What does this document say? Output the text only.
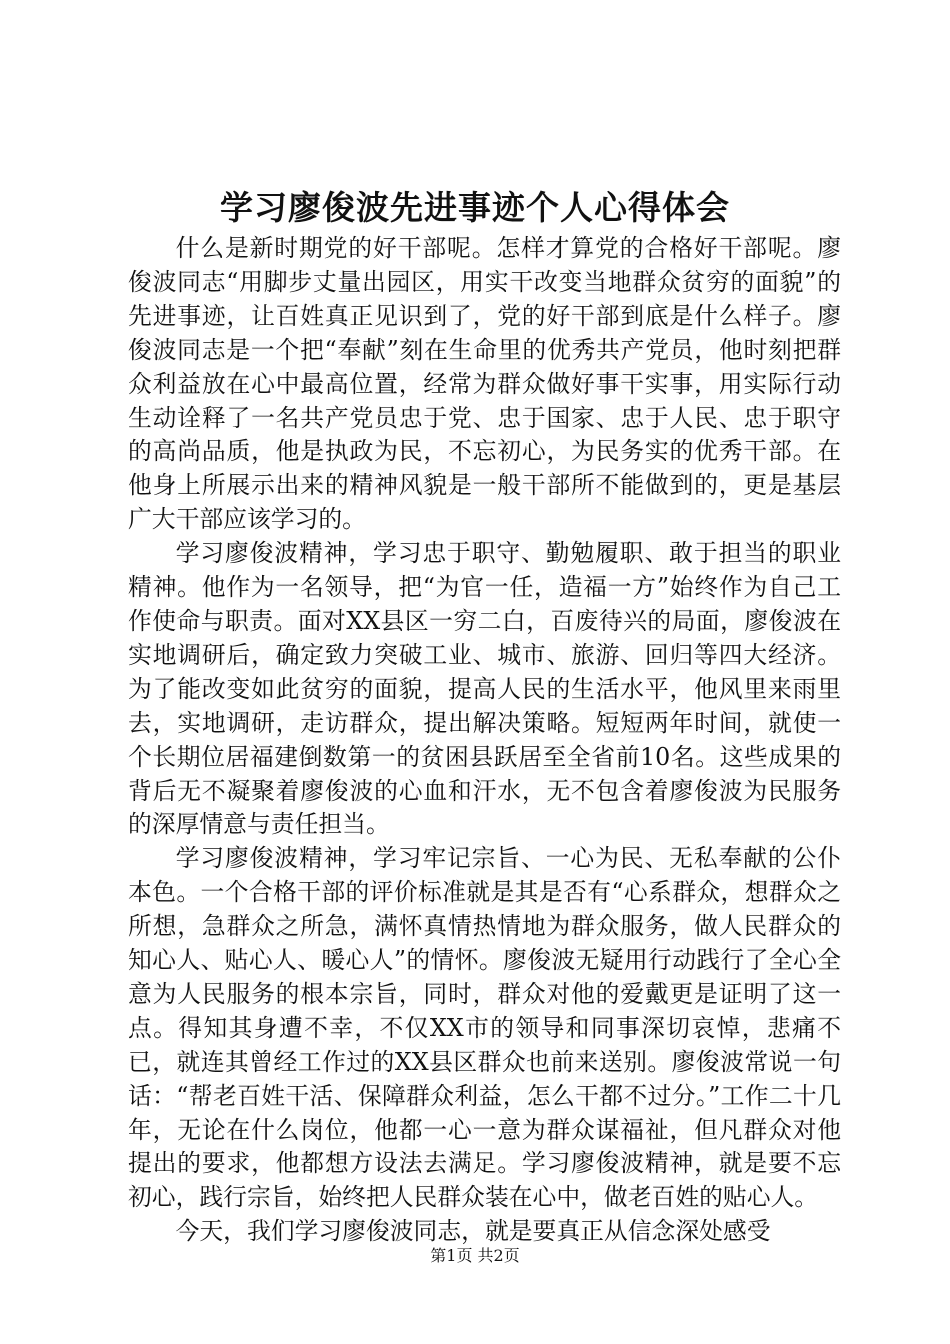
学习廖俊波先进事迹个人心得体会

什么是新时期党的好干部呢。怎样才算党的合格好干部呢。廖俊波同志“用脚步丈量出园区，用实干改变当地群众贫穷的面貌”的先进事迹，让百姓真正见识到了，党的好干部到底是什么样子。廖俊波同志是一个把“奉献”刻在生命里的优秀共产党员，他时刻把群众利益放在心中最高位置，经常为群众做好事干实事，用实际行动生动诠释了一名共产党员忠于党、忠于国家、忠于人民、忠于职守的高尚品质，他是执政为民，不忘初心，为民务实的优秀干部。在他身上所展示出来的精神风貌是一般干部所不能做到的，更是基层广大干部应该学习的。

学习廖俊波精神，学习忠于职守、勤勉履职、敢于担当的职业精神。他作为一名领导，把“为官一任，造福一方”始终作为自己工作使命与职责。面对XX县区一穷二白，百废待兴的局面，廖俊波在实地调研后，确定致力突破工业、城市、旅游、回归等四大经济。为了能改变如此贫穷的面貌，提高人民的生活水平，他风里来雨里去，实地调研，走访群众，提出解决策略。短短两年时间，就使一个长期位居福建倒数第一的贫困县跃居至全省前10名。这些成果的背后无不凝聚着廖俊波的心血和汗水，无不包含着廖俊波为民服务的深厚情意与责任担当。

学习廖俊波精神，学习牢记宗旨、一心为民、无私奉献的公仆本色。一个合格干部的评价标准就是其是否有“心系群众，想群众之所想，急群众之所急，满怀真情热情地为群众服务，做人民群众的知心人、贴心人、暖心人”的情怀。廖俊波无疑用行动践行了全心全意为人民服务的根本宗旨，同时，群众对他的爱戴更是证明了这一点。得知其身遭不幸，不仅XX市的领导和同事深切哀悼，悲痛不已，就连其曾经工作过的XX县区群众也前来送别。廖俊波常说一句话：“帮老百姓干活、保障群众利益，怎么干都不过分。”工作二十几年，无论在什么岗位，他都一心一意为群众谋福祉，但凡群众对他提出的要求，他都想方设法去满足。学习廖俊波精神，就是要不忘初心，践行宗旨，始终把人民群众装在心中，做老百姓的贴心人。

今天，我们学习廖俊波同志，就是要真正从信念深处感受

第1页 共2页
